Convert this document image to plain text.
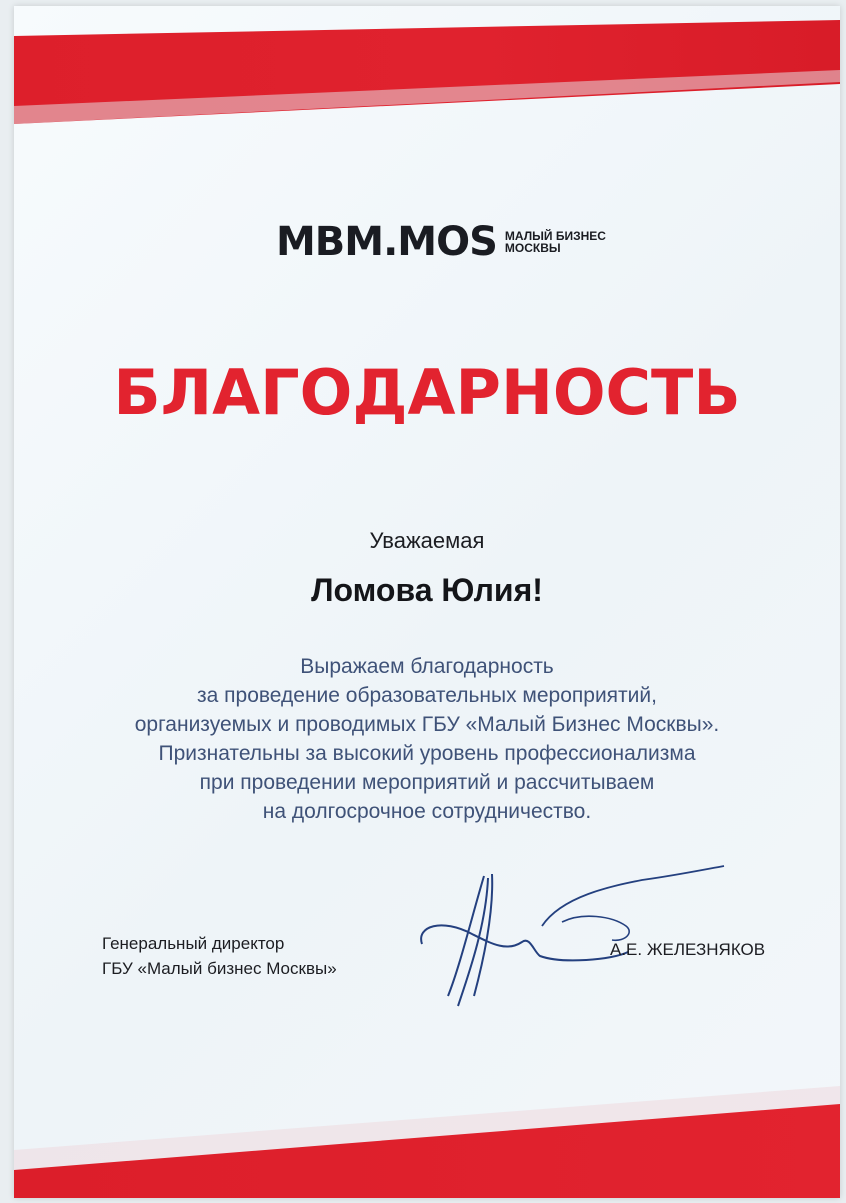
MBM.MOS МАЛЫЙ БИЗНЕС
МОСКВЫ
БЛАГОДАРНОСТЬ
Уважаемая
Ломова Юлия!
Выражаем благодарность
за проведение образовательных мероприятий,
организуемых и проводимых ГБУ «Малый Бизнес Москвы».
Признательны за высокий уровень профессионализма
при проведении мероприятий и рассчитываем
на долгосрочное сотрудничество.
Генеральный директор
ГБУ «Малый бизнес Москвы»
А.Е. ЖЕЛЕЗНЯКОВ
